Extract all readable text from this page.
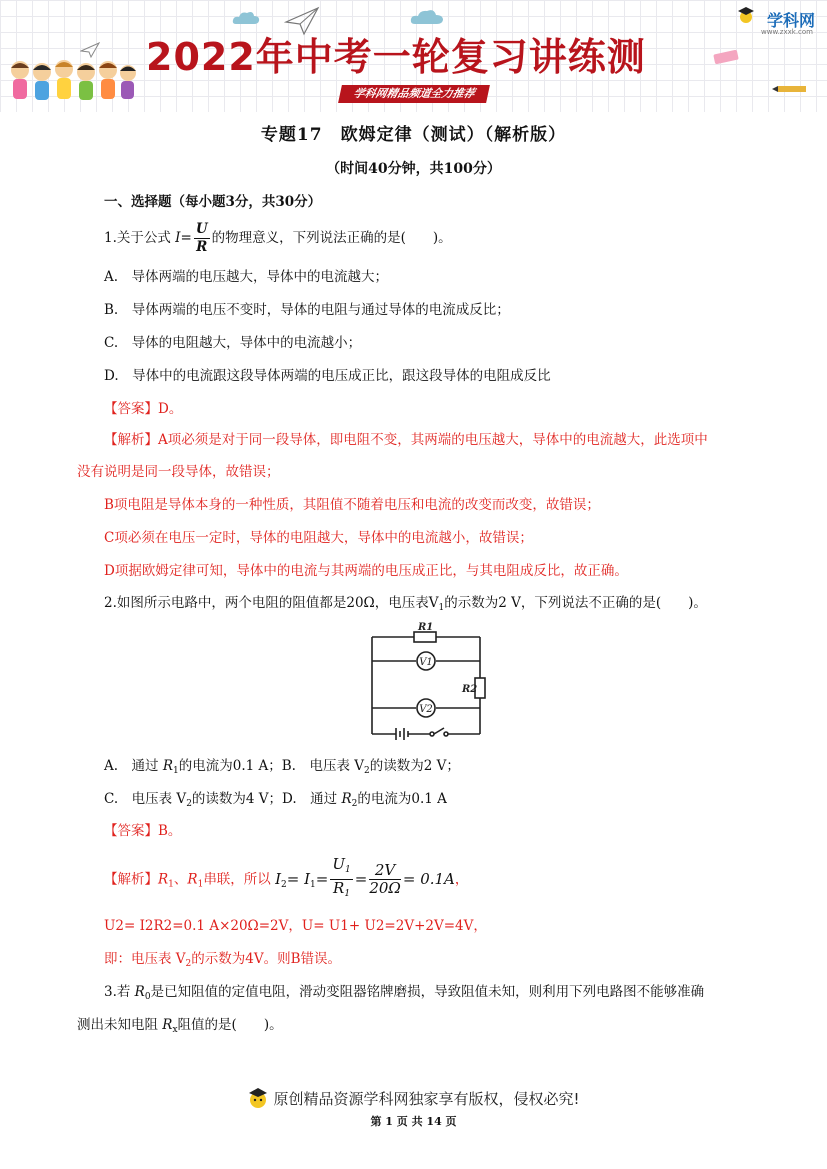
2022年中考一轮复习讲练测
学科网精品频道全力推荐
学科网
www.zxxk.com
专题17　欧姆定律（测试）（解析版）
（时间40分钟，共100分）
一、选择题（每小题3分，共30分）
1.关于公式 $I= \frac{U}{R}$ 的物理意义，下列说法正确的是(　　)。
A.　导体两端的电压越大，导体中的电流越大；
B.　导体两端的电压不变时，导体的电阻与通过导体的电流成反比；
C.　导体的电阻越大，导体中的电流越小；
D.　导体中的电流跟这段导体两端的电压成正比，跟这段导体的电阻成反比
【答案】D。
【解析】A项必须是对于同一段导体，即电阻不变，其两端的电压越大，导体中的电流越大，此选项中
没有说明是同一段导体，故错误；
B项电阻是导体本身的一种性质，其阻值不随着电压和电流的改变而改变，故错误；
C项必须在电压一定时，导体的电阻越大，导体中的电流越小，故错误；
D项据欧姆定律可知，导体中的电流与其两端的电压成正比，与其电阻成反比，故正确。
2.如图所示电路中，两个电阻的阻值都是20Ω，电压表$V_1$的示数为2 V，下列说法不正确的是(　　)。
V1
V2
R1
R2
A.　通过 $R_1$的电流为0.1 A；B.　电压表 $V_2$的读数为2 V；
C.　电压表 $V_2$的读数为4 V；D.　通过 $R_2$的电流为0.1 A
【答案】B。
【解析】$R_1$、$R_1$串联，所以 $I_2= I_1= \frac{U_1}{R_1} = \frac{2V}{20\Omega} = 0.1A$，
U2= I2R2=0.1 A×20Ω=2V，U= U1+ U2=2V+2V=4V，
即：电压表 $V_2$的示数为4V。则B错误。
3.若 $R_0$是已知阻值的定值电阻，滑动变阻器铭牌磨损，导致阻值未知，则利用下列电路图不能够准确
测出未知电阻 $R_x$阻值的是(　　)。
原创精品资源学科网独家享有版权，侵权必究!
第 1 页 共 14 页
